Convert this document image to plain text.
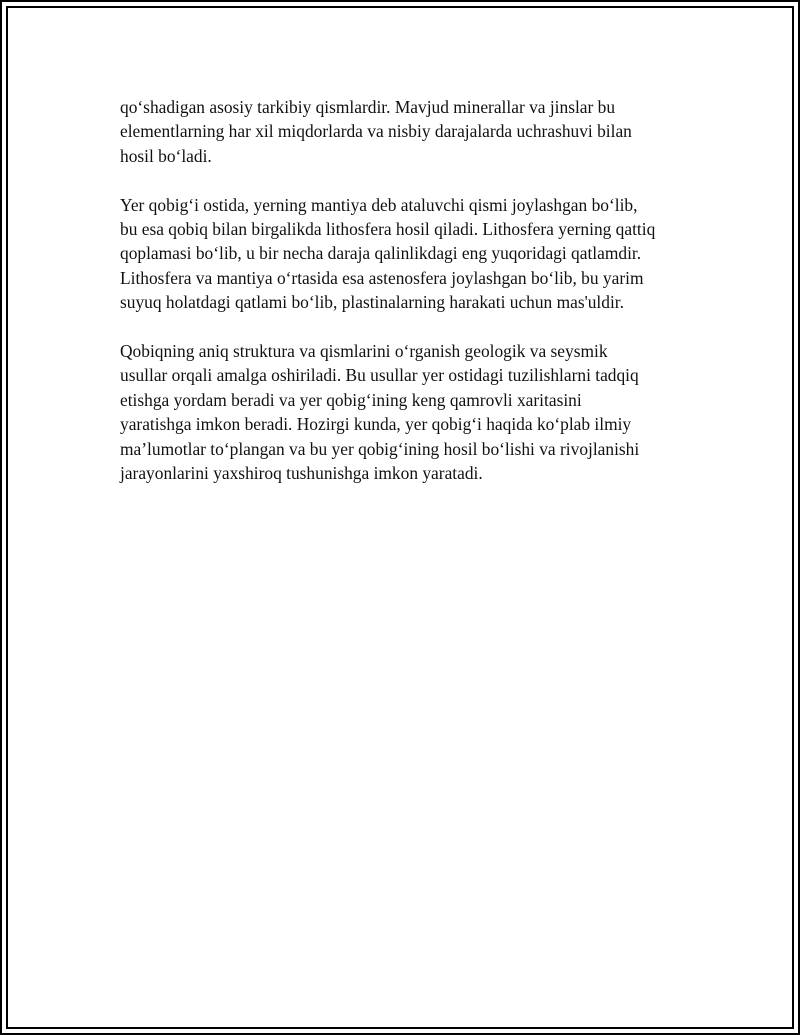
qo‘shadigan asosiy tarkibiy qismlardir. Mavjud minerallar va jinslar bu
elementlarning har xil miqdorlarda va nisbiy darajalarda uchrashuvi bilan
hosil bo‘ladi.

Yer qobig‘i ostida, yerning mantiya deb ataluvchi qismi joylashgan bo‘lib,
bu esa qobiq bilan birgalikda lithosfera hosil qiladi. Lithosfera yerning qattiq
qoplamasi bo‘lib, u bir necha daraja qalinlikdagi eng yuqoridagi qatlamdir.
Lithosfera va mantiya o‘rtasida esa astenosfera joylashgan bo‘lib, bu yarim
suyuq holatdagi qatlami bo‘lib, plastinalarning harakati uchun mas'uldir.

Qobiqning aniq struktura va qismlarini o‘rganish geologik va seysmik
usullar orqali amalga oshiriladi. Bu usullar yer ostidagi tuzilishlarni tadqiq
etishga yordam beradi va yer qobig‘ining keng qamrovli xaritasini
yaratishga imkon beradi. Hozirgi kunda, yer qobig‘i haqida ko‘plab ilmiy
ma’lumotlar to‘plangan va bu yer qobig‘ining hosil bo‘lishi va rivojlanishi
jarayonlarini yaxshiroq tushunishga imkon yaratadi.
